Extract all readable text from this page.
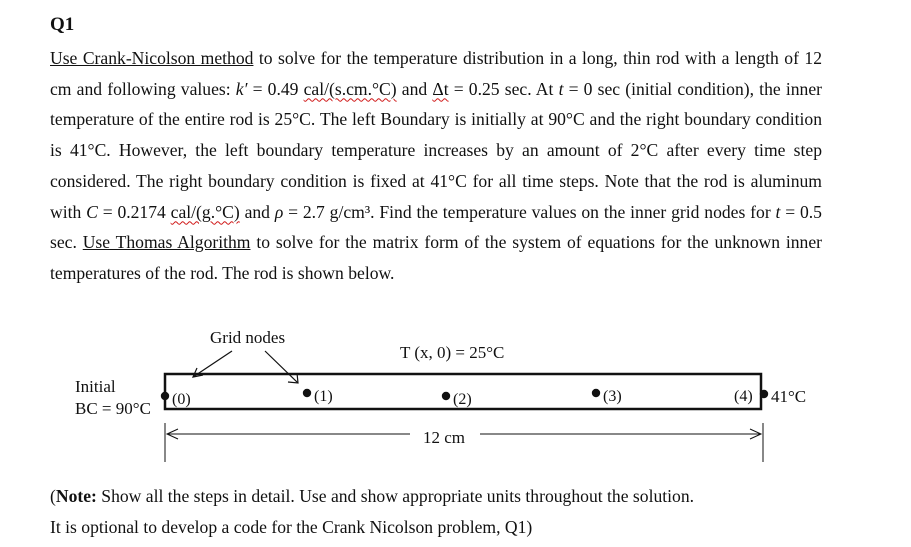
Q1
Use Crank-Nicolson method to solve for the temperature distribution in a long, thin rod with a length of 12 cm and following values: k′ = 0.49 cal/(s.cm.°C) and Δt = 0.25 sec. At t = 0 sec (initial condition), the inner temperature of the entire rod is 25°C. The left Boundary is initially at 90°C and the right boundary condition is 41°C. However, the left boundary temperature increases by an amount of 2°C after every time step considered. The right boundary condition is fixed at 41°C for all time steps. Note that the rod is aluminum with C = 0.2174 cal/(g.°C) and ρ = 2.7 g/cm³. Find the temperature values on the inner grid nodes for t = 0.5 sec. Use Thomas Algorithm to solve for the matrix form of the system of equations for the unknown inner temperatures of the rod. The rod is shown below.
Grid nodes
T (x, 0) = 25°C
Initial
BC = 90°C
41°C
(0)	(1)	(2)	(3)	(4)
12 cm
(Note: Show all the steps in detail. Use and show appropriate units throughout the solution.
It is optional to develop a code for the Crank Nicolson problem, Q1)
